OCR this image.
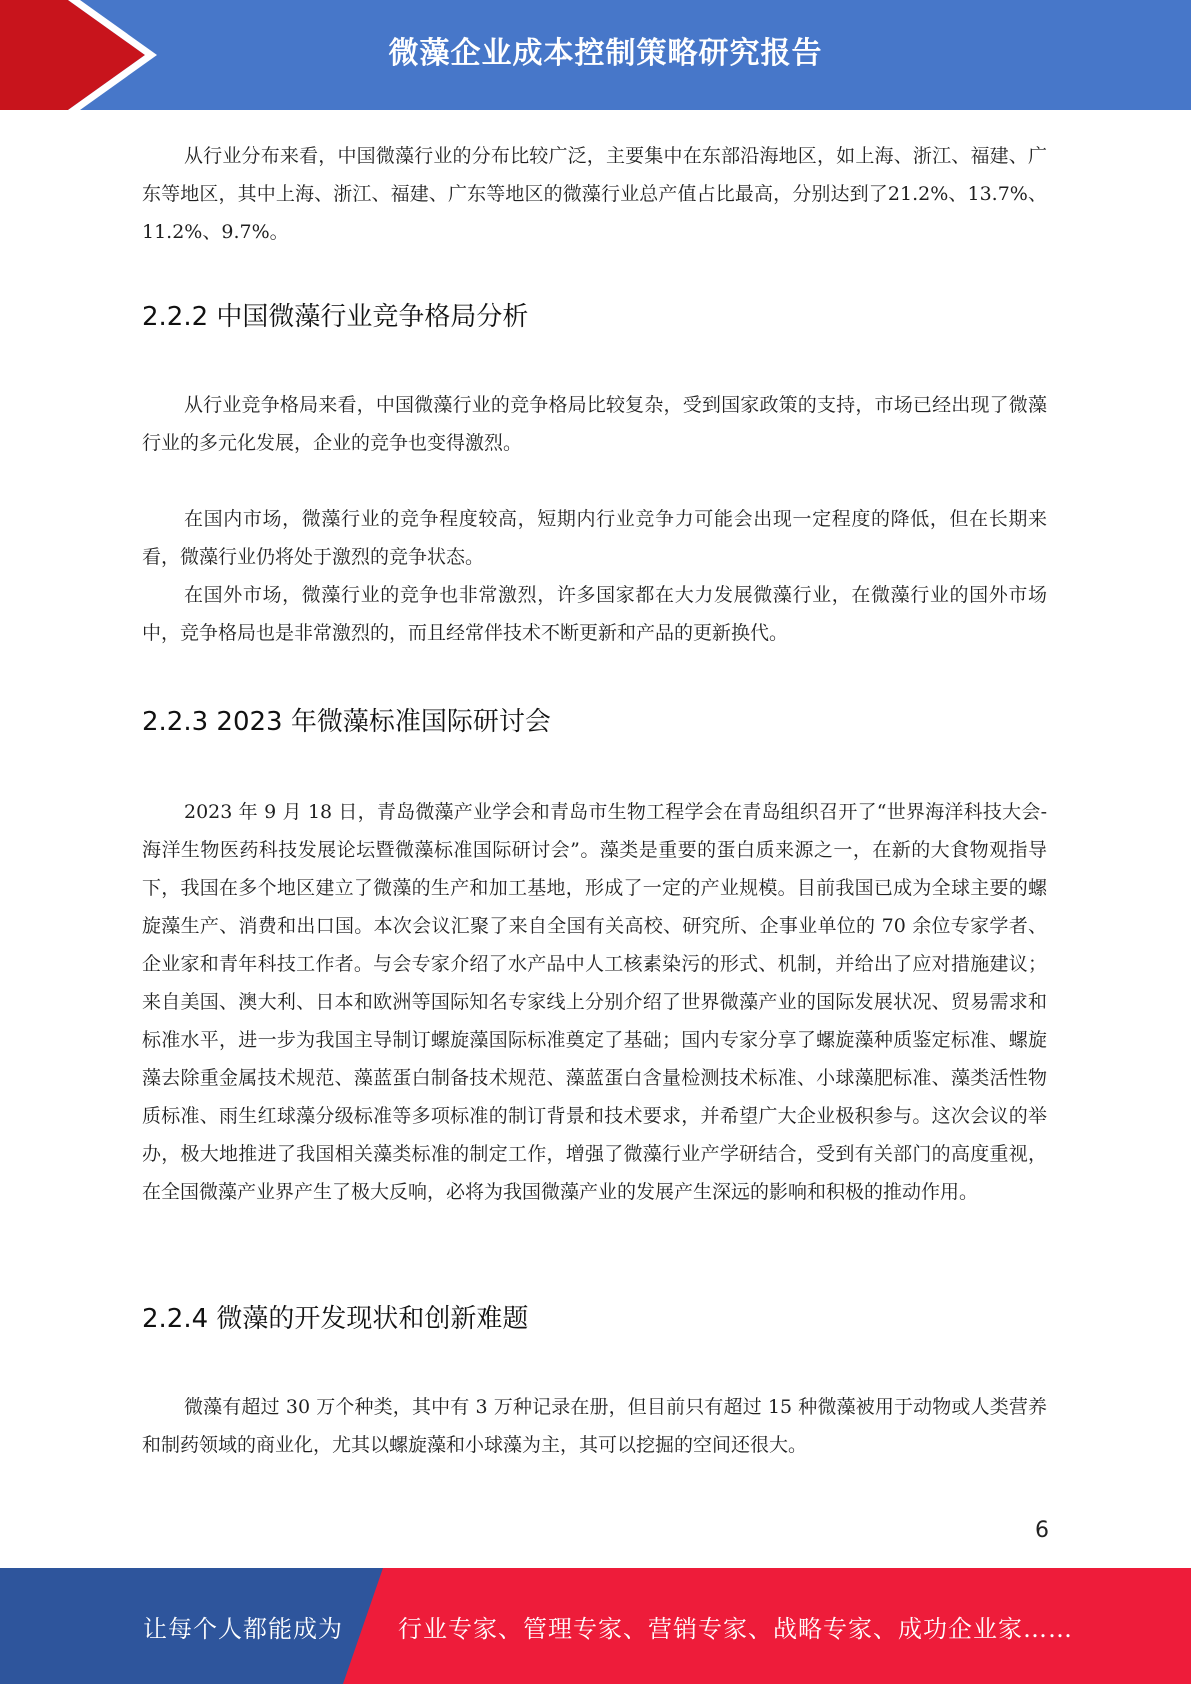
微藻企业成本控制策略研究报告

从行业分布来看，中国微藻行业的分布比较广泛，主要集中在东部沿海地区，如上海、浙江、福建、广东等地区，其中上海、浙江、福建、广东等地区的微藻行业总产值占比最高，分别达到了21.2%、13.7%、11.2%、9.7%。

2.2.2 中国微藻行业竞争格局分析

从行业竞争格局来看，中国微藻行业的竞争格局比较复杂，受到国家政策的支持，市场已经出现了微藻行业的多元化发展，企业的竞争也变得激烈。

在国内市场，微藻行业的竞争程度较高，短期内行业竞争力可能会出现一定程度的降低，但在长期来看，微藻行业仍将处于激烈的竞争状态。

在国外市场，微藻行业的竞争也非常激烈，许多国家都在大力发展微藻行业，在微藻行业的国外市场中，竞争格局也是非常激烈的，而且经常伴技术不断更新和产品的更新换代。

2.2.3 2023 年微藻标准国际研讨会

2023 年 9 月 18 日，青岛微藻产业学会和青岛市生物工程学会在青岛组织召开了“世界海洋科技大会-海洋生物医药科技发展论坛暨微藻标准国际研讨会”。藻类是重要的蛋白质来源之一，在新的大食物观指导下，我国在多个地区建立了微藻的生产和加工基地，形成了一定的产业规模。目前我国已成为全球主要的螺旋藻生产、消费和出口国。本次会议汇聚了来自全国有关高校、研究所、企事业单位的 70 余位专家学者、企业家和青年科技工作者。与会专家介绍了水产品中人工核素染污的形式、机制，并给出了应对措施建议；来自美国、澳大利、日本和欧洲等国际知名专家线上分别介绍了世界微藻产业的国际发展状况、贸易需求和标准水平，进一步为我国主导制订螺旋藻国际标准奠定了基础；国内专家分享了螺旋藻种质鉴定标准、螺旋藻去除重金属技术规范、藻蓝蛋白制备技术规范、藻蓝蛋白含量检测技术标准、小球藻肥标准、藻类活性物质标准、雨生红球藻分级标准等多项标准的制订背景和技术要求，并希望广大企业极积参与。这次会议的举办，极大地推进了我国相关藻类标准的制定工作，增强了微藻行业产学研结合，受到有关部门的高度重视，在全国微藻产业界产生了极大反响，必将为我国微藻产业的发展产生深远的影响和积极的推动作用。

2.2.4 微藻的开发现状和创新难题

微藻有超过 30 万个种类，其中有 3 万种记录在册，但目前只有超过 15 种微藻被用于动物或人类营养和制药领域的商业化，尤其以螺旋藻和小球藻为主，其可以挖掘的空间还很大。

6
让每个人都能成为 行业专家、管理专家、营销专家、战略专家、成功企业家……
